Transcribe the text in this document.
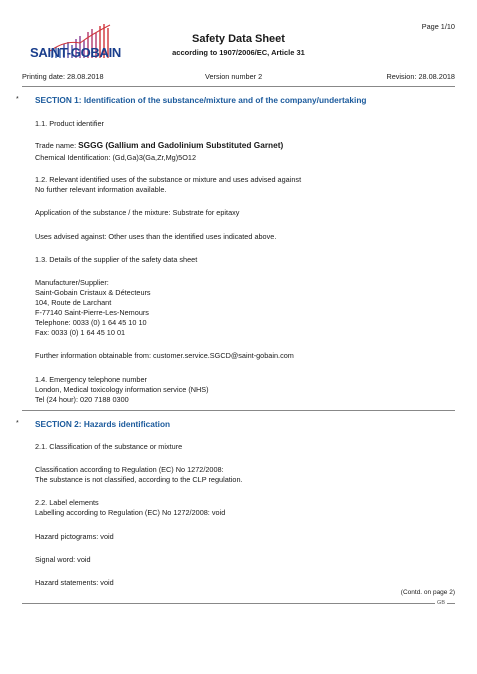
SAINT-GOBAIN
Page 1/10
Safety Data Sheet
according to 1907/2006/EC, Article 31
Printing date: 28.08.2018	Version number 2	Revision: 28.08.2018
* SECTION 1: Identification of the substance/mixture and of the company/undertaking
1.1. Product identifier
Trade name: SGGG (Gallium and Gadolinium Substituted Garnet)
Chemical Identification: (Gd,Ga)3(Ga,Zr,Mg)5O12
1.2. Relevant identified uses of the substance or mixture and uses advised against
No further relevant information available.
Application of the substance / the mixture: Substrate for epitaxy
Uses advised against: Other uses than the identified uses indicated above.
1.3. Details of the supplier of the safety data sheet
Manufacturer/Supplier:
Saint-Gobain Cristaux & Détecteurs
104, Route de Larchant
F-77140 Saint-Pierre-Les-Nemours
Telephone: 0033 (0) 1 64 45 10 10
Fax: 0033 (0) 1 64 45 10 01
Further information obtainable from: customer.service.SGCD@saint-gobain.com
1.4. Emergency telephone number
London, Medical toxicology information service (NHS)
Tel (24 hour): 020 7188 0300
* SECTION 2: Hazards identification
2.1. Classification of the substance or mixture
Classification according to Regulation (EC) No 1272/2008:
The substance is not classified, according to the CLP regulation.
2.2. Label elements
Labelling according to Regulation (EC) No 1272/2008: void
Hazard pictograms: void
Signal word: void
Hazard statements: void
(Contd. on page 2)
GB
